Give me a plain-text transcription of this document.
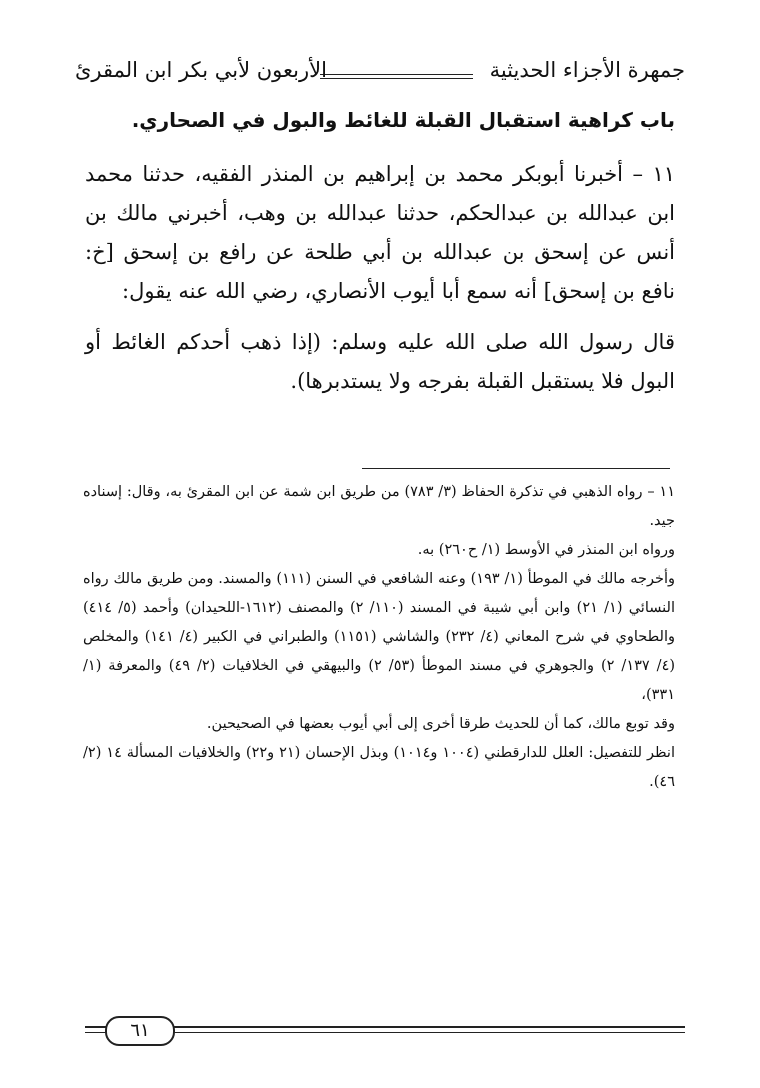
جمهرة الأجزاء الحديثية
الأربعون لأبي بكر ابن المقرئ
باب كراهية استقبال القبلة للغائط والبول في الصحاري.

١١ – أخبرنا أبوبكر محمد بن إبراهيم بن المنذر الفقيه، حدثنا محمد ابن عبدالله بن عبدالحكم، حدثنا عبدالله بن وهب، أخبرني مالك بن أنس عن إسحق بن عبدالله بن أبي طلحة عن رافع بن إسحق [خ: نافع بن إسحق] أنه سمع أبا أيوب الأنصاري، رضي الله عنه يقول:

قال رسول الله صلى الله عليه وسلم: (إذا ذهب أحدكم الغائط أو البول فلا يستقبل القبلة بفرجه ولا يستدبرها).

١١ – رواه الذهبي في تذكرة الحفاظ (٣/ ٧٨٣) من طريق ابن شمة عن ابن المقرئ به، وقال: إسناده جيد.

ورواه ابن المنذر في الأوسط (١/ ح٢٦٠) به.

وأخرجه مالك في الموطأ (١/ ١٩٣) وعنه الشافعي في السنن (١١١) والمسند. ومن طريق مالك رواه النسائي (١/ ٢١) وابن أبي شيبة في المسند (١١٠/ ٢) والمصنف (١٦١٢-اللحيدان) وأحمد (٥/ ٤١٤) والطحاوي في شرح المعاني (٤/ ٢٣٢) والشاشي (١١٥١) والطبراني في الكبير (٤/ ١٤١) والمخلص (٤/ ١٣٧/ ٢) والجوهري في مسند الموطأ (٥٣/ ٢) والبيهقي في الخلافيات (٢/ ٤٩) والمعرفة (١/ ٣٣١)،

وقد توبع مالك، كما أن للحديث طرقا أخرى إلى أبي أيوب بعضها في الصحيحين.

انظر للتفصيل: العلل للدارقطني (١٠٠٤ و١٠١٤) وبذل الإحسان (٢١ و٢٢) والخلافيات المسألة ١٤ (٢/ ٤٦).

٦١
